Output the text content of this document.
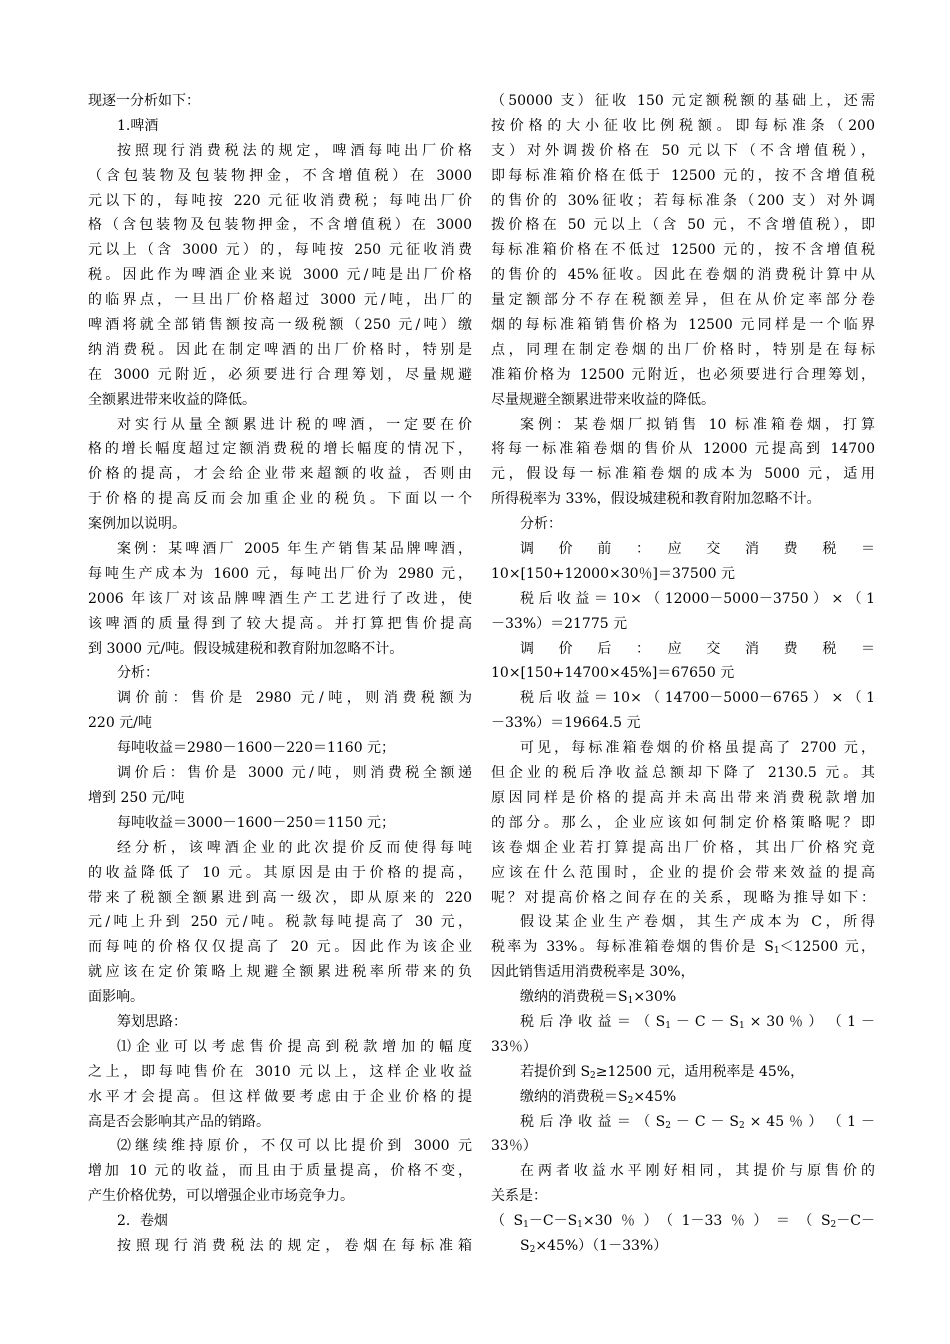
现逐一分析如下：
1.啤酒
按照现行消费税法的规定，啤酒每吨出厂价格
（含包装物及包装物押金，不含增值税）在 3000
元以下的，每吨按 220 元征收消费税；每吨出厂价
格（含包装物及包装物押金，不含增值税）在 3000
元以上（含 3000 元）的，每吨按 250 元征收消费
税。因此作为啤酒企业来说 3000 元/吨是出厂价格
的临界点，一旦出厂价格超过 3000 元/吨，出厂的
啤酒将就全部销售额按高一级税额（250 元/吨）缴
纳消费税。因此在制定啤酒的出厂价格时，特别是
在 3000 元附近，必须要进行合理筹划，尽量规避
全额累进带来收益的降低。
对实行从量全额累进计税的啤酒，一定要在价
格的增长幅度超过定额消费税的增长幅度的情况下，
价格的提高，才会给企业带来超额的收益，否则由
于价格的提高反而会加重企业的税负。下面以一个
案例加以说明。
案例：某啤酒厂 2005 年生产销售某品牌啤酒，
每吨生产成本为 1600 元，每吨出厂价为 2980 元，
2006 年该厂对该品牌啤酒生产工艺进行了改进，使
该啤酒的质量得到了较大提高。并打算把售价提高
到 3000 元/吨。假设城建税和教育附加忽略不计。
分析：
调价前：售价是 2980 元/吨，则消费税额为
220 元/吨
每吨收益＝2980－1600－220＝1160 元；
调价后：售价是 3000 元/吨，则消费税全额递
增到 250 元/吨
每吨收益＝3000－1600－250＝1150 元；
经分析，该啤酒企业的此次提价反而使得每吨
的收益降低了 10 元。其原因是由于价格的提高，
带来了税额全额累进到高一级次，即从原来的 220
元/吨上升到 250 元/吨。税款每吨提高了 30 元，
而每吨的价格仅仅提高了 20 元。因此作为该企业
就应该在定价策略上规避全额累进税率所带来的负
面影响。
筹划思路：
⑴企业可以考虑售价提高到税款增加的幅度
之上，即每吨售价在 3010 元以上，这样企业收益
水平才会提高。但这样做要考虑由于企业价格的提
高是否会影响其产品的销路。
⑵继续维持原价，不仅可以比提价到 3000 元
增加 10 元的收益，而且由于质量提高，价格不变，
产生价格优势，可以增强企业市场竞争力。
2．卷烟
按照现行消费税法的规定，卷烟在每标准箱
（50000 支）征收 150 元定额税额的基础上，还需
按价格的大小征收比例税额。即每标准条（200
支）对外调拨价格在 50 元以下（不含增值税），
即每标准箱价格在低于 12500 元的，按不含增值税
的售价的 30%征收；若每标准条（200 支）对外调
拨价格在 50 元以上（含 50 元，不含增值税），即
每标准箱价格在不低过 12500 元的，按不含增值税
的售价的 45%征收。因此在卷烟的消费税计算中从
量定额部分不存在税额差异，但在从价定率部分卷
烟的每标准箱销售价格为 12500 元同样是一个临界
点，同理在制定卷烟的出厂价格时，特别是在每标
准箱价格为 12500 元附近，也必须要进行合理筹划，
尽量规避全额累进带来收益的降低。
案例：某卷烟厂拟销售 10 标准箱卷烟，打算
将每一标准箱卷烟的售价从 12000 元提高到 14700
元，假设每一标准箱卷烟的成本为 5000 元，适用
所得税率为 33%，假设城建税和教育附加忽略不计。
分析：
调　价　前　：　应　交　消　费　税　＝
10×[150+12000×30％]＝37500 元
税后收益＝10×（12000－5000－3750）×（1
－33%）＝21775 元
调　价　后　：　应　交　消　费　税　＝
10×[150+14700×45%]＝67650 元
税后收益＝10×（14700－5000－6765）×（1
－33%）＝19664.5 元
可见，每标准箱卷烟的价格虽提高了 2700 元，
但企业的税后净收益总额却下降了 2130.5 元。其
原因同样是价格的提高并未高出带来消费税款增加
的部分。那么，企业应该如何制定价格策略呢？即
该卷烟企业若打算提高出厂价格，其出厂价格究竟
应该在什么范围时，企业的提价会带来效益的提高
呢？对提高价格之间存在的关系，现略为推导如下：
假设某企业生产卷烟，其生产成本为 C，所得
税率为 33%。每标准箱卷烟的售价是 $S_1<12500$ 元，
因此销售适用消费税率是 30%，
缴纳的消费税$=S_1\times 30\%$
税 后 净 收 益 ＝ （ $S_1 - C - S_1 \times 30$ ％ ） （ 1 －
33％）
若提价到 $S_2\ge 12500$ 元，适用税率是 45%，
缴纳的消费税$=S_2\times 45\%$
税 后 净 收 益 ＝ （ $S_2 - C - S_2 \times 45$ ％ ） （ 1 －
33％）
在两者收益水平刚好相同，其提价与原售价的
关系是：
（$S_1-C-S_1\times 30$％）（1－33％）$=(S_2-C-$
$S_2\times 45\%)(1-33\%)$
